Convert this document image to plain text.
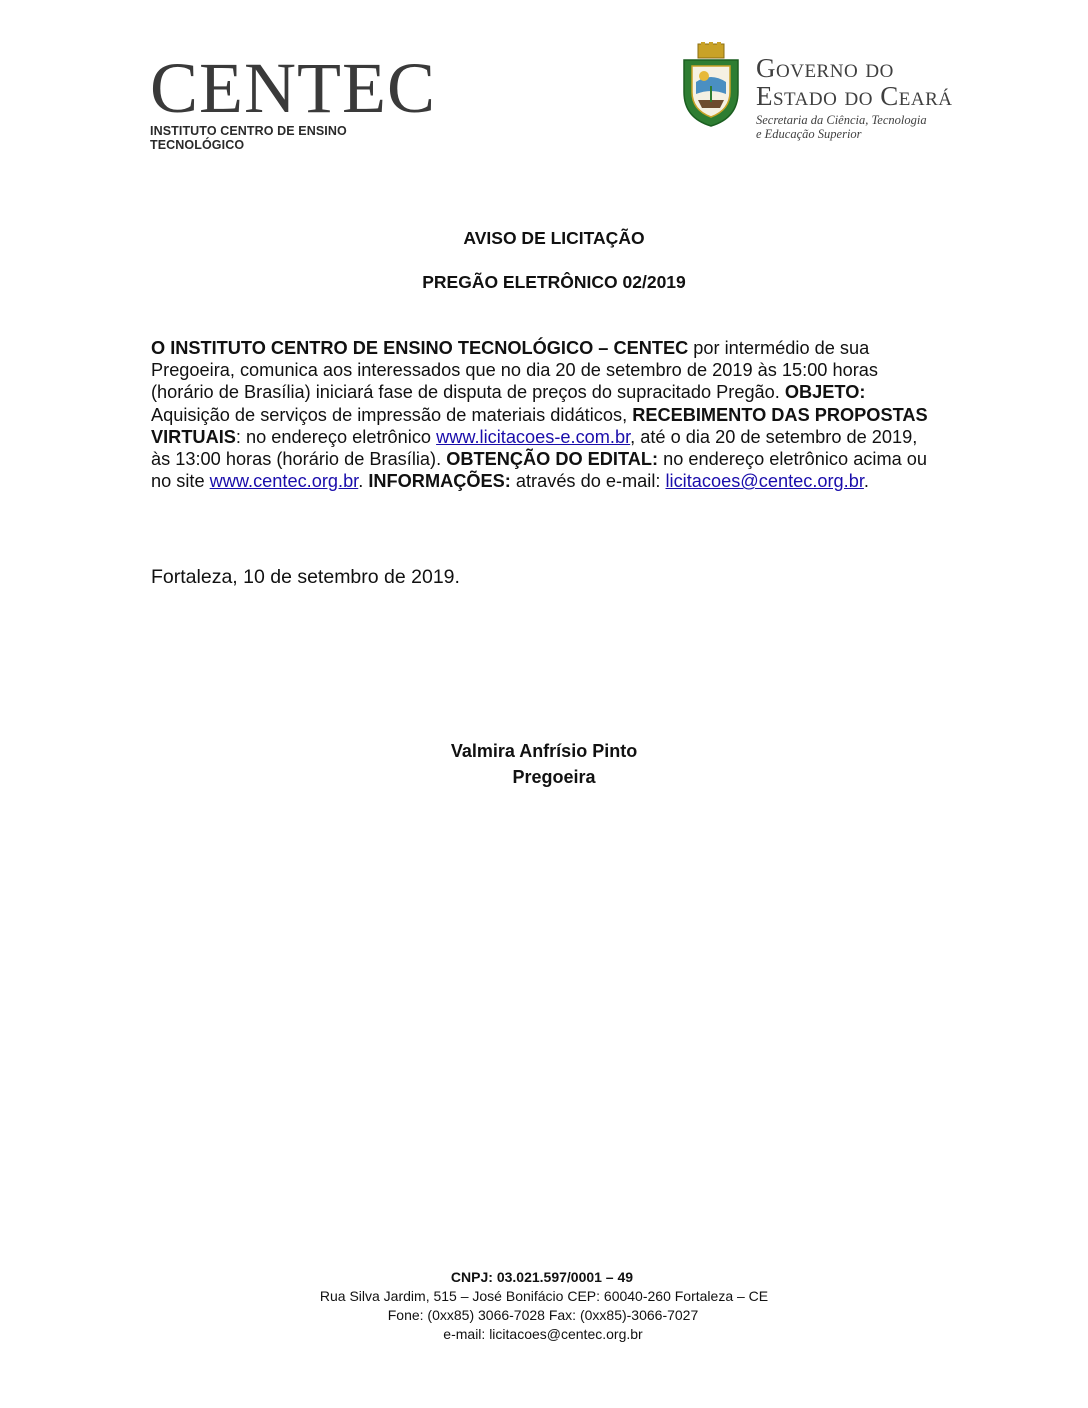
CENTEC
INSTITUTO CENTRO DE ENSINO TECNOLÓGICO
Governo do
Estado do Ceará
Secretaria da Ciência, Tecnologia
e Educação Superior
AVISO DE LICITAÇÃO
PREGÃO ELETRÔNICO 02/2019
O INSTITUTO CENTRO DE ENSINO TECNOLÓGICO – CENTEC por intermédio de sua Pregoeira, comunica aos interessados que no dia 20 de setembro de 2019 às 15:00 horas (horário de Brasília) iniciará fase de disputa de preços do supracitado Pregão. OBJETO: Aquisição de serviços de impressão de materiais didáticos, RECEBIMENTO DAS PROPOSTAS VIRTUAIS: no endereço eletrônico www.licitacoes-e.com.br, até o dia 20 de setembro de 2019, às 13:00 horas (horário de Brasília). OBTENÇÃO DO EDITAL: no endereço eletrônico acima ou no site www.centec.org.br. INFORMAÇÕES: através do e-mail: licitacoes@centec.org.br.
Fortaleza, 10 de setembro de 2019.
Valmira Anfrísio Pinto
Pregoeira
CNPJ: 03.021.597/0001 – 49
Rua Silva Jardim, 515 – José Bonifácio CEP: 60040-260 Fortaleza – CE
Fone: (0xx85) 3066-7028 Fax: (0xx85)-3066-7027
e-mail: licitacoes@centec.org.br
